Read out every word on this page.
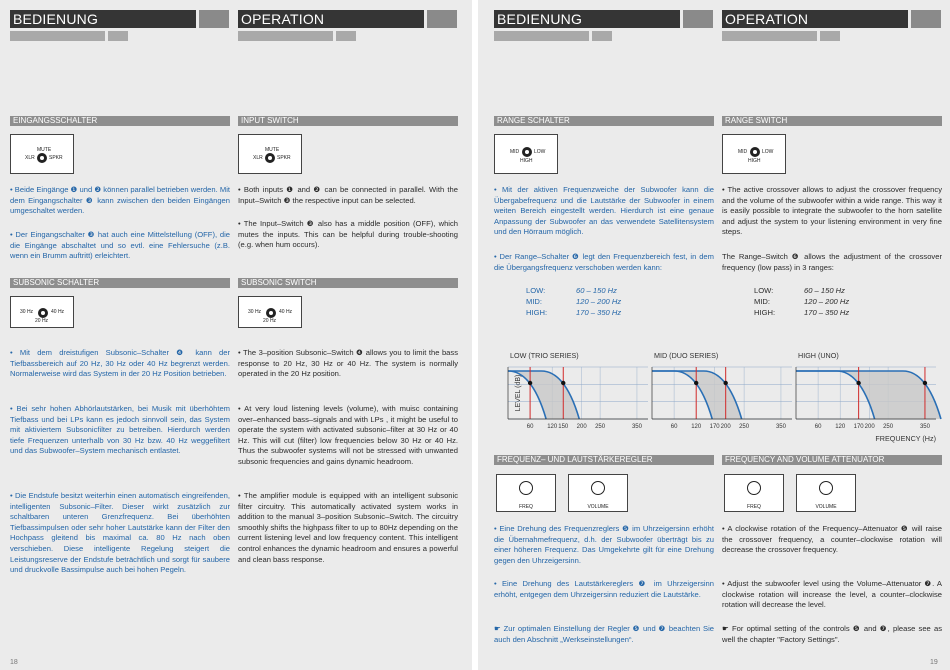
BEDIENUNG	OPERATION
EINGANGSSCHALTER	INPUT SWITCH
MUTE
XLR	SPKR
MUTE
XLR	SPKR
• Beide Eingänge ❶ und ❷ können parallel betrieben werden. Mit dem Eingangschalter ❸ kann zwischen den beiden Eingängen umgeschaltet werden.
• Der Eingangschalter ❸ hat auch eine Mittelstellung (OFF), die die Eingänge abschaltet und so evtl. eine Fehlersuche (z.B. wenn ein Brumm auftritt) erleichtert.
• Both inputs ❶ and ❷ can be connected in parallel. With the Input–Switch ❸ the respective input can be selected.
• The Input–Switch ❸ also has a middle position (OFF), which mutes the inputs. This can be helpful during trouble-shooting (e.g. when hum occurs).
SUBSONIC SCHALTER	SUBSONIC SWITCH
30 Hz	40 Hz
20 Hz
30 Hz	40 Hz
20 Hz
• Mit dem dreistufigen Subsonic–Schalter ❹ kann der Tiefbassbereich auf 20 Hz, 30 Hz oder 40 Hz begrenzt werden. Normalerweise wird das System in der 20 Hz Position betrieben.
• Bei sehr hohen Abhörlautstärken, bei Musik mit überhöhtem Tiefbass und bei LPs kann es jedoch sinnvoll sein, das System mit aktiviertem Subsonicfilter zu betreiben. Hierdurch werden tiefe Frequenzen unterhalb von 30 Hz bzw. 40 Hz weggefiltert und das Subwoofer–System mechanisch entlastet.
• Die Endstufe besitzt weiterhin einen automatisch eingreifenden, intelligenten Subsonic–Filter. Dieser wirkt zusätzlich zur schaltbaren unteren Grenzfrequenz. Bei überhöhten Tiefbassimpulsen oder sehr hoher Lautstärke kann der Filter den Hochpass gleitend bis maximal ca. 80 Hz nach oben verschieben. Diese intelligente Regelung steigert die Leistungsreserve der Endstufe beträchtlich und sorgt für saubere und druckvolle Bassimpulse auch bei hohen Pegeln.
• The 3–position Subsonic–Switch ❹ allows you to limit the bass response to 20 Hz, 30 Hz or 40 Hz. The system is normally operated in the 20 Hz position.
• At very loud listening levels (volume), with muisc containing over–enhanced bass–signals and with LPs , it might be useful to operate the system with activated subsonic–filter at 30 Hz or 40 Hz. This will cut (filter) low frequencies below 30 Hz or 40 Hz. Thus the subwoofer systems will not be stressed with unwanted subsonic frequencies and gains dynamic headroom.
• The amplifier module is equipped with an intelligent subsonic filter circuitry. This automatically activated system works in addition to the manual 3–position Subsonic–Switch. The circuitry smoothly shifts the highpass filter to up to 80Hz depending on the current listening level and low frequency content. This intelligent control enhances the dynamic headroom and ensures a powerful and clean bass response.
18
BEDIENUNG	OPERATION
RANGE SCHALTER	RANGE SWITCH
MID	LOW
HIGH
MID	LOW
HIGH
• Mit der aktiven Frequenzweiche der Subwoofer kann die Übergabefrequenz und die Lautstärke der Subwoofer in einem weiten Bereich eingestellt werden. Hierdurch ist eine genaue Anpassung der Subwoofer an das verwendete Satellitensystem und den Hörraum möglich.
• Der Range–Schalter ❻ legt den Frequenzbereich fest, in dem die Übergangsfrequenz verschoben werden kann:
• The active crossover allows to adjust the crossover frequency and the volume of the subwoofer within a wide range. This way it is easily possible to integrate the subwoofer to the horn satellite and adjust the system to your listening environment in very fine steps.
The Range–Switch ❻ allows the adjustment of the crossover frequency (low pass) in 3 ranges:
LOW:	60 – 150 Hz
MID:	120 – 200 Hz
HIGH:	170 – 350 Hz
LOW:	60 – 150 Hz
MID:	120 – 200 Hz
HIGH:	170 – 350 Hz
LEVEL (dB)
LOW (TRIO SERIES)
60 120 150 200 250	350
MID (DUO SERIES)
60 120 170 200 250	350
HIGH (UNO)
60 120 170 200 250	350
FREQUENCY (Hz)
FREQUENZ– UND LAUTSTÄRKEREGLER	FREQUENCY AND VOLUME ATTENUATOR
FREQ	VOLUME	FREQ	VOLUME
• Eine Drehung des Frequenzreglers ❺ im Uhrzeigersinn erhöht die Übernahmefrequenz, d.h. der Subwoofer überträgt bis zu einer höheren Frequenz. Das Umgekehrte gilt für eine Drehung gegen den Uhrzeigersinn.
• Eine Drehung des Lautstärkereglers ❼ im Uhrzeigersinn erhöht, entgegen dem Uhrzeigersinn reduziert die Lautstärke.
☛ Zur optimalen Einstellung der Regler ❺ und ❼ beachten Sie auch den Abschnitt „Werkseinstellungen“.
• A clockwise rotation of the Frequency–Attenuator ❺ will raise the crossover frequency, a counter–clockwise rotation will decrease the crossover frequency.
• Adjust the subwoofer level using the Volume–Attenuator ❼. A clockwise rotation will increase the level, a counter–clockwise rotation will decrease the level.
☛ For optimal setting of the controls ❺ and ❼, please see as well the chapter "Factory Settings".
19
